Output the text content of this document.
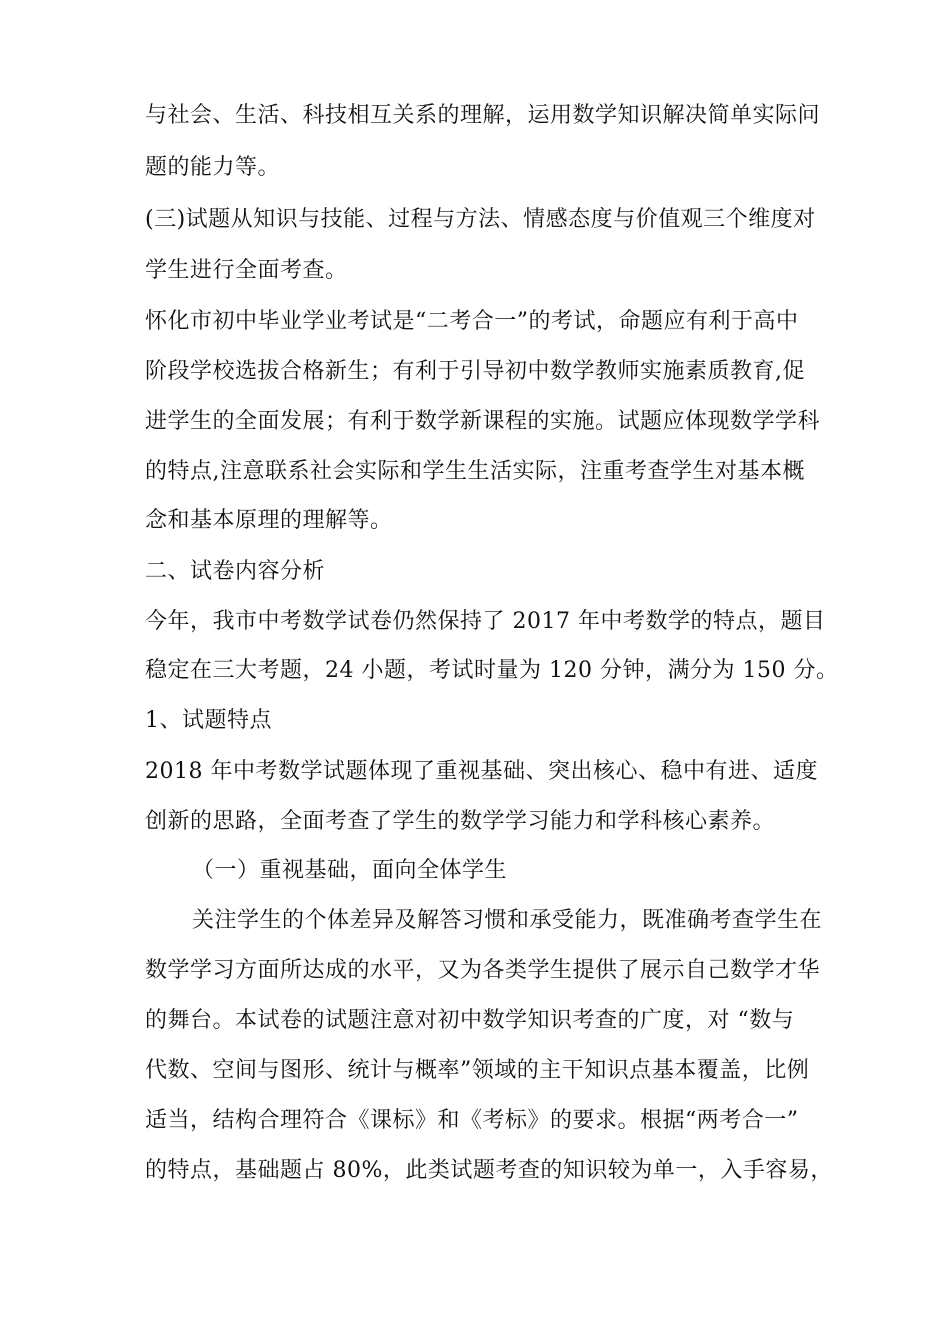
与社会、生活、科技相互关系的理解，运用数学知识解决简单实际问
题的能力等。
(三)试题从知识与技能、过程与方法、情感态度与价值观三个维度对
学生进行全面考查。
怀化市初中毕业学业考试是“二考合一”的考试，命题应有利于高中
阶段学校选拔合格新生；有利于引导初中数学教师实施素质教育,促
进学生的全面发展；有利于数学新课程的实施。试题应体现数学学科
的特点,注意联系社会实际和学生生活实际，注重考查学生对基本概
念和基本原理的理解等。
二、试卷内容分析
今年，我市中考数学试卷仍然保持了 2017 年中考数学的特点，题目
稳定在三大考题，24 小题，考试时量为 120 分钟，满分为 150 分。
1、试题特点
2018 年中考数学试题体现了重视基础、突出核心、稳中有进、适度
创新的思路，全面考查了学生的数学学习能力和学科核心素养。
（一）重视基础，面向全体学生
关注学生的个体差异及解答习惯和承受能力，既准确考查学生在
数学学习方面所达成的水平，又为各类学生提供了展示自己数学才华
的舞台。本试卷的试题注意对初中数学知识考查的广度，对 “数与
代数、空间与图形、统计与概率”领域的主干知识点基本覆盖，比例
适当，结构合理符合《课标》和《考标》的要求。根据“两考合一”
的特点，基础题占 80%，此类试题考查的知识较为单一，入手容易，
